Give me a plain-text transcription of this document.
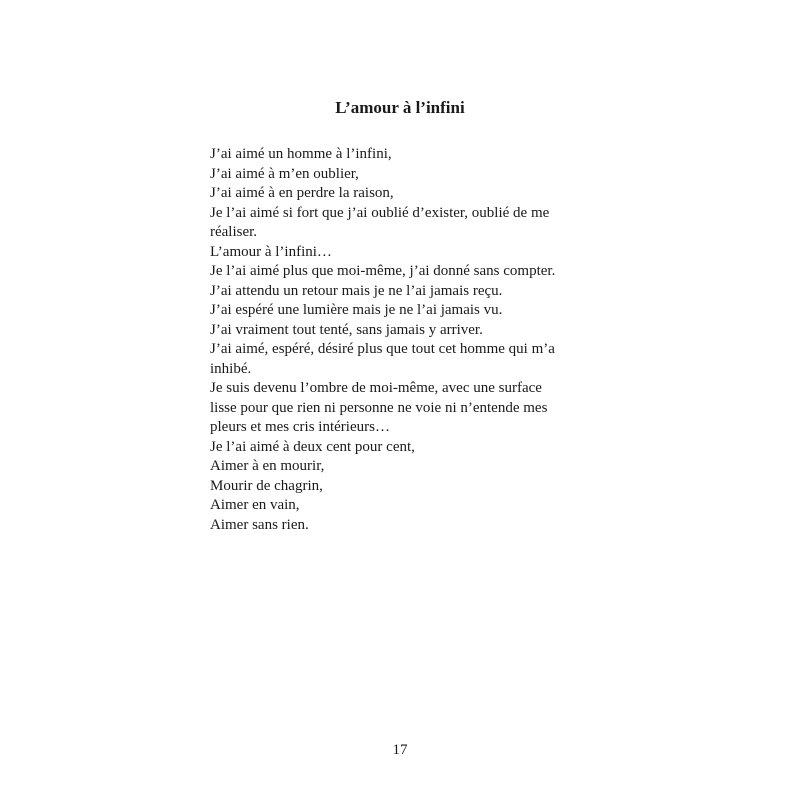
L’amour à l’infini
J’ai aimé un homme à l’infini,
J’ai aimé à m’en oublier,
J’ai aimé à en perdre la raison,
Je l’ai aimé si fort que j’ai oublié d’exister, oublié de me
réaliser.
L’amour à l’infini…
Je l’ai aimé plus que moi-même, j’ai donné sans compter.
J’ai attendu un retour mais je ne l’ai jamais reçu.
J’ai espéré une lumière mais je ne l’ai jamais vu.
J’ai vraiment tout tenté, sans jamais y arriver.
J’ai aimé, espéré, désiré plus que tout cet homme qui m’a
inhibé.
Je suis devenu l’ombre de moi-même, avec une surface
lisse pour que rien ni personne ne voie ni n’entende mes
pleurs et mes cris intérieurs…
Je l’ai aimé à deux cent pour cent,
Aimer à en mourir,
Mourir de chagrin,
Aimer en vain,
Aimer sans rien.
17
